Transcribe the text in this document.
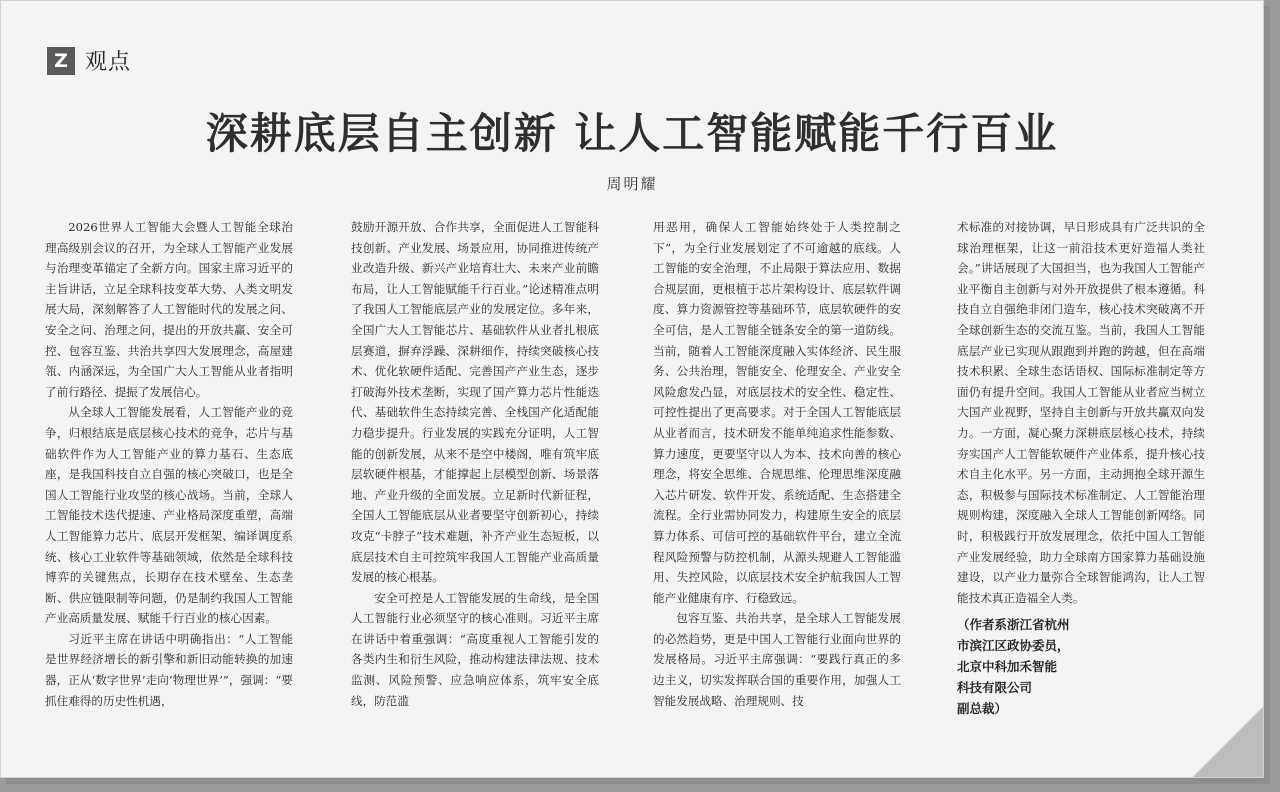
Z 观点
深耕底层自主创新 让人工智能赋能千行百业
周明耀

2026世界人工智能大会暨人工智能全球治理高级别会议的召开，为全球人工智能产业发展与治理变革锚定了全新方向。国家主席习近平的主旨讲话，立足全球科技变革大势、人类文明发展大局，深刻解答了人工智能时代的发展之问、安全之问、治理之问，提出的开放共赢、安全可控、包容互鉴、共治共享四大发展理念，高屋建瓴、内涵深远，为全国广大人工智能从业者指明了前行路径、提振了发展信心。

从全球人工智能发展看，人工智能产业的竞争，归根结底是底层核心技术的竞争，芯片与基础软件作为人工智能产业的算力基石、生态底座，是我国科技自立自强的核心突破口，也是全国人工智能行业攻坚的核心战场。当前，全球人工智能技术迭代提速、产业格局深度重塑，高端人工智能算力芯片、底层开发框架、编译调度系统、核心工业软件等基础领域，依然是全球科技博弈的关键焦点，长期存在技术壁垒、生态垄断、供应链限制等问题，仍是制约我国人工智能产业高质量发展、赋能千行百业的核心因素。

习近平主席在讲话中明确指出：“人工智能是世界经济增长的新引擎和新旧动能转换的加速器，正从‘数字世界’走向‘物理世界’”，强调：“要抓住难得的历史性机遇，

鼓励开源开放、合作共享，全面促进人工智能科技创新、产业发展、场景应用，协同推进传统产业改造升级、新兴产业培育壮大、未来产业前瞻布局，让人工智能赋能千行百业。”论述精准点明了我国人工智能底层产业的发展定位。多年来，全国广大人工智能芯片、基础软件从业者扎根底层赛道，摒弃浮躁、深耕细作，持续突破核心技术、优化软硬件适配、完善国产产业生态，逐步打破海外技术垄断，实现了国产算力芯片性能迭代、基础软件生态持续完善、全栈国产化适配能力稳步提升。行业发展的实践充分证明，人工智能的创新发展，从来不是空中楼阁，唯有筑牢底层软硬件根基，才能撑起上层模型创新、场景落地、产业升级的全面发展。立足新时代新征程，全国人工智能底层从业者要坚守创新初心，持续攻克“卡脖子”技术难题，补齐产业生态短板，以底层技术自主可控筑牢我国人工智能产业高质量发展的核心根基。

安全可控是人工智能发展的生命线，是全国人工智能行业必须坚守的核心准则。习近平主席在讲话中着重强调：“高度重视人工智能引发的各类内生和衍生风险，推动构建法律法规、技术监测、风险预警、应急响应体系，筑牢安全底线，防范滥

用恶用，确保人工智能始终处于人类控制之下”，为全行业发展划定了不可逾越的底线。人工智能的安全治理，不止局限于算法应用、数据合规层面，更根植于芯片架构设计、底层软件调度、算力资源管控等基础环节，底层软硬件的安全可信，是人工智能全链条安全的第一道防线。当前，随着人工智能深度融入实体经济、民生服务、公共治理，智能安全、伦理安全、产业安全风险愈发凸显，对底层技术的安全性、稳定性、可控性提出了更高要求。对于全国人工智能底层从业者而言，技术研发不能单纯追求性能参数、算力速度，更要坚守以人为本、技术向善的核心理念，将安全思维、合规思维、伦理思维深度融入芯片研发、软件开发、系统适配、生态搭建全流程。全行业需协同发力，构建原生安全的底层算力体系、可信可控的基础软件平台，建立全流程风险预警与防控机制，从源头规避人工智能滥用、失控风险，以底层技术安全护航我国人工智能产业健康有序、行稳致远。

包容互鉴、共治共享，是全球人工智能发展的必然趋势，更是中国人工智能行业面向世界的发展格局。习近平主席强调：“要践行真正的多边主义，切实发挥联合国的重要作用，加强人工智能发展战略、治理规则、技

术标准的对接协调，早日形成具有广泛共识的全球治理框架，让这一前沿技术更好造福人类社会。”讲话展现了大国担当，也为我国人工智能产业平衡自主创新与对外开放提供了根本遵循。科技自立自强绝非闭门造车，核心技术突破离不开全球创新生态的交流互鉴。当前，我国人工智能底层产业已实现从跟跑到并跑的跨越，但在高端技术积累、全球生态话语权、国际标准制定等方面仍有提升空间。我国人工智能从业者应当树立大国产业视野，坚持自主创新与开放共赢双向发力。一方面，凝心聚力深耕底层核心技术，持续夯实国产人工智能软硬件产业体系，提升核心技术自主化水平。另一方面，主动拥抱全球开源生态，积极参与国际技术标准制定、人工智能治理规则构建，深度融入全球人工智能创新网络。同时，积极践行开放发展理念，依托中国人工智能产业发展经验，助力全球南方国家算力基础设施建设，以产业力量弥合全球智能鸿沟，让人工智能技术真正造福全人类。

（作者系浙江省杭州
市滨江区政协委员，
北京中科加禾智能
科技有限公司
副总裁）
